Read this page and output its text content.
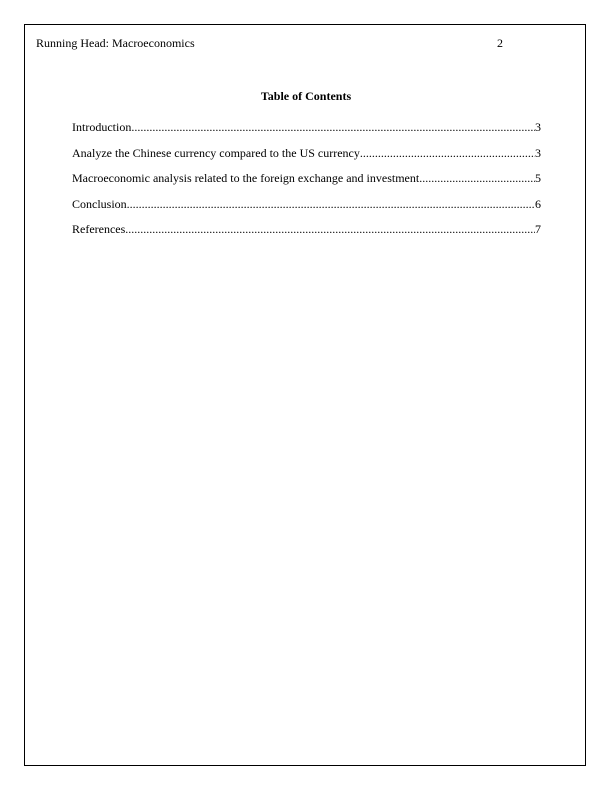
Running Head: Macroeconomics	2
Table of Contents
Introduction .....	3
Analyze the Chinese currency compared to the US currency .....	3
Macroeconomic analysis related to the foreign exchange and investment .....	5
Conclusion .....	6
References .....	7
